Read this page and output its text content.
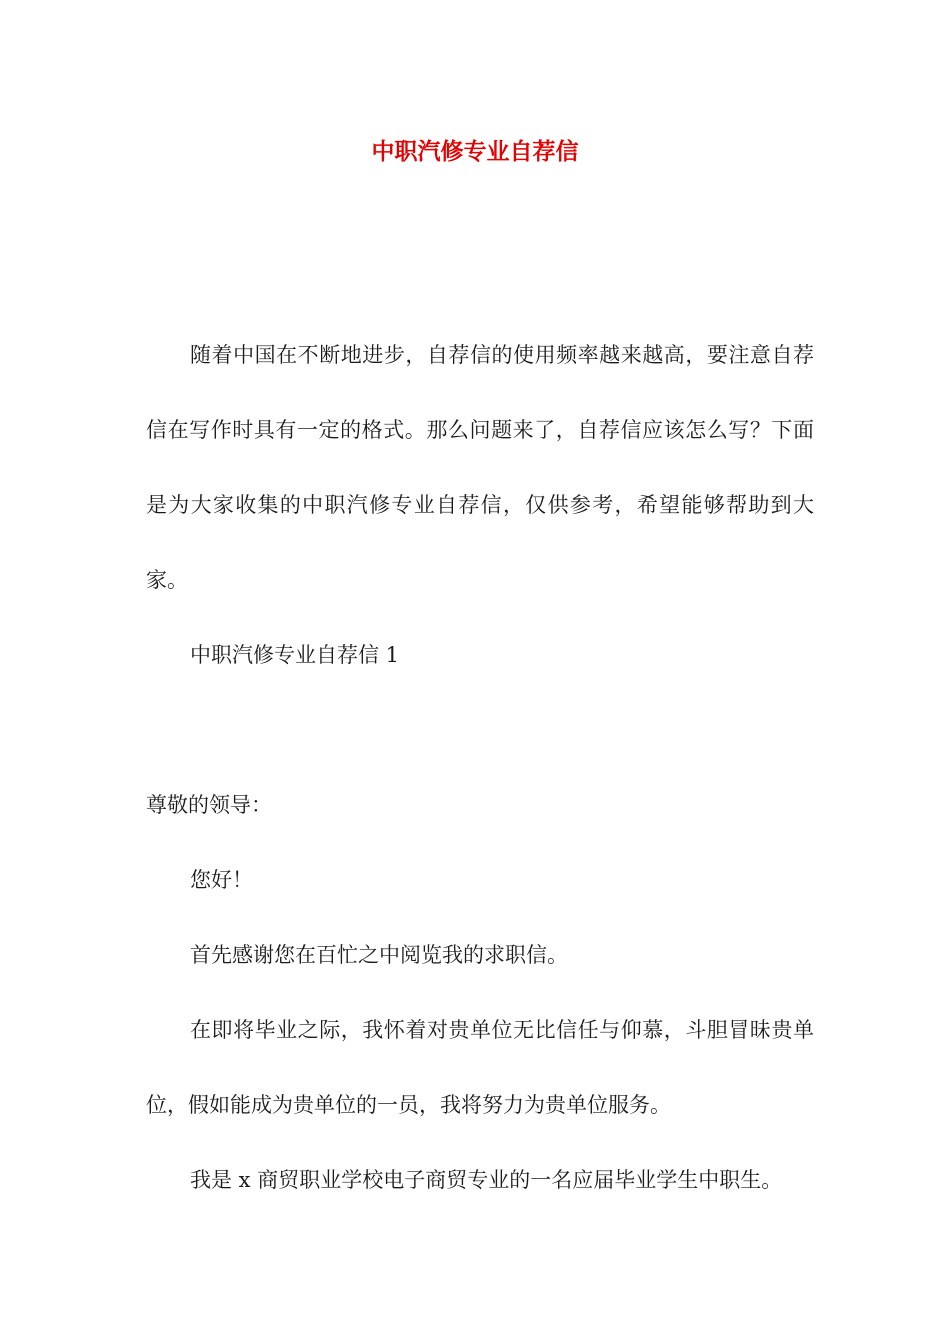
中职汽修专业自荐信

随着中国在不断地进步，自荐信的使用频率越来越高，要注意自荐信在写作时具有一定的格式。那么问题来了，自荐信应该怎么写？下面是为大家收集的中职汽修专业自荐信，仅供参考，希望能够帮助到大家。

中职汽修专业自荐信 1

尊敬的领导：

您好！

首先感谢您在百忙之中阅览我的求职信。

在即将毕业之际，我怀着对贵单位无比信任与仰慕，斗胆冒昧贵单位，假如能成为贵单位的一员，我将努力为贵单位服务。

我是 x 商贸职业学校电子商贸专业的一名应届毕业学生中职生。
